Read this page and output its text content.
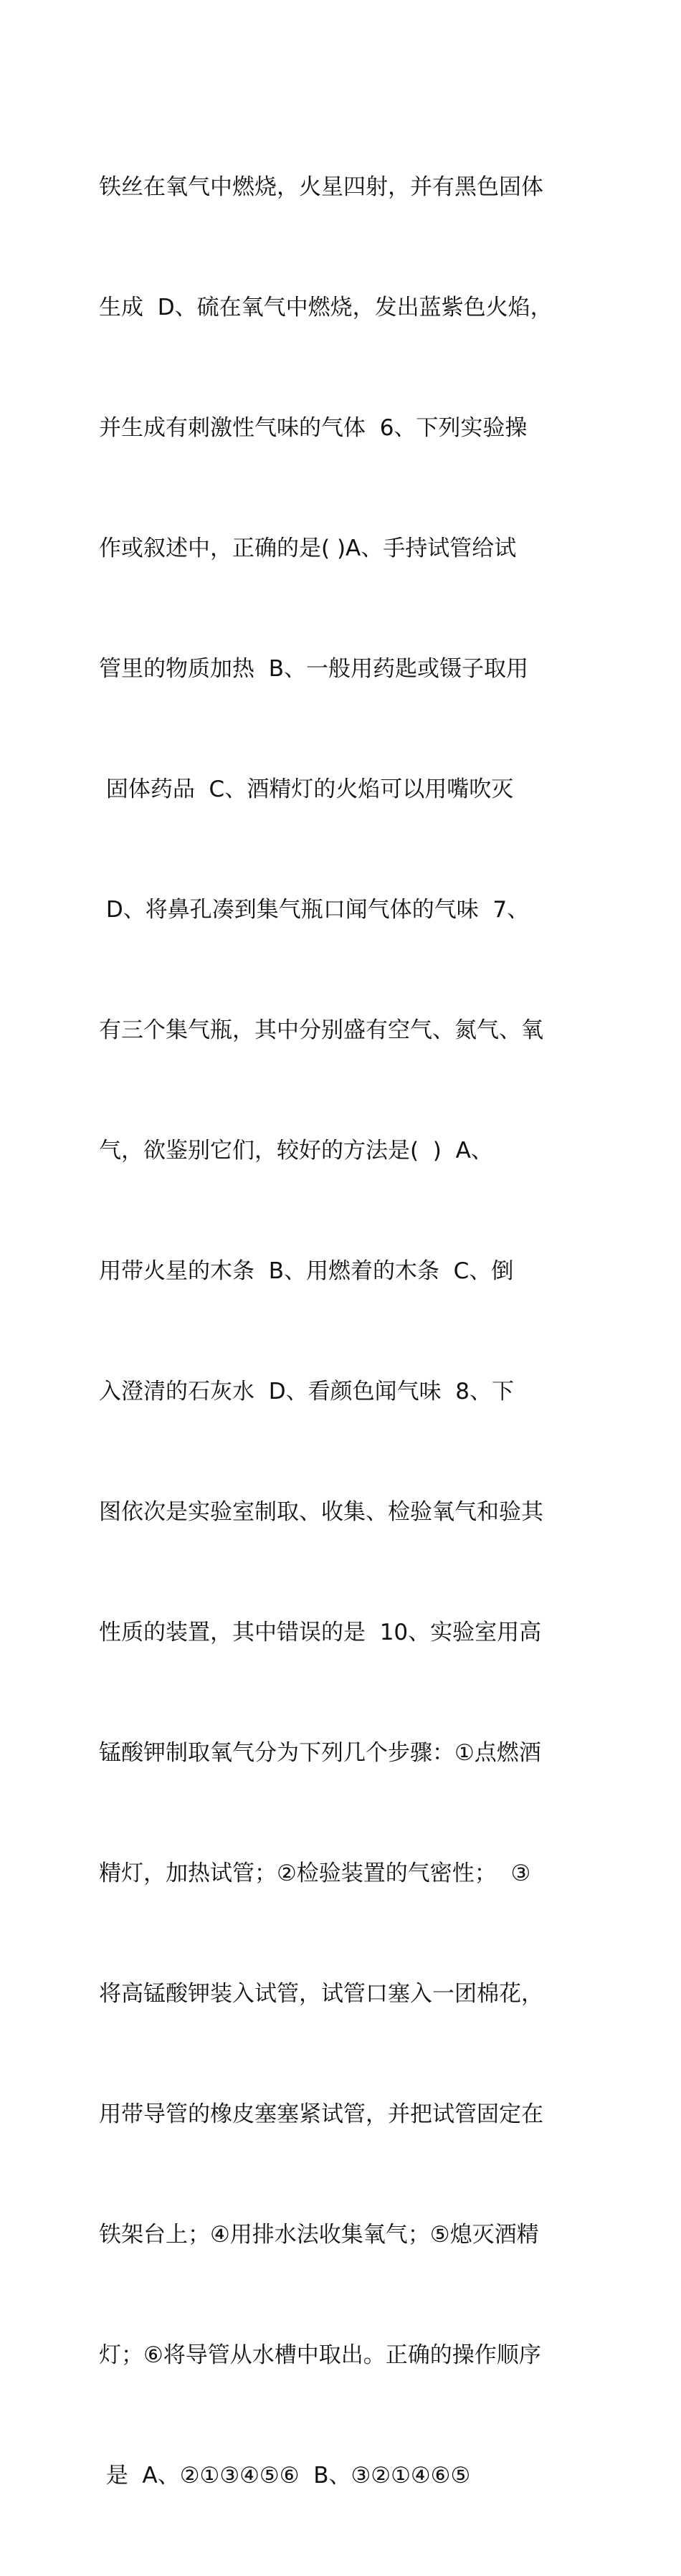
铁丝在氧气中燃烧，火星四射，并有黑色固体

生成  D、硫在氧气中燃烧，发出蓝紫色火焰，

并生成有刺激性气味的气体  6、下列实验操

作或叙述中，正确的是( )A、手持试管给试

管里的物质加热  B、一般用药匙或镊子取用

固体药品  C、酒精灯的火焰可以用嘴吹灭

D、将鼻孔凑到集气瓶口闻气体的气味  7、

有三个集气瓶，其中分别盛有空气、氮气、氧

气，欲鉴别它们，较好的方法是(  )  A、

用带火星的木条  B、用燃着的木条  C、倒

入澄清的石灰水  D、看颜色闻气味  8、下

图依次是实验室制取、收集、检验氧气和验其

性质的装置，其中错误的是  10、实验室用高

锰酸钾制取氧气分为下列几个步骤：①点燃酒

精灯，加热试管；②检验装置的气密性；  ③

将高锰酸钾装入试管，试管口塞入一团棉花，

用带导管的橡皮塞塞紧试管，并把试管固定在

铁架台上；④用排水法收集氧气；⑤熄灭酒精

灯；⑥将导管从水槽中取出。正确的操作顺序

是  A、②①③④⑤⑥  B、③②①④⑥⑤
